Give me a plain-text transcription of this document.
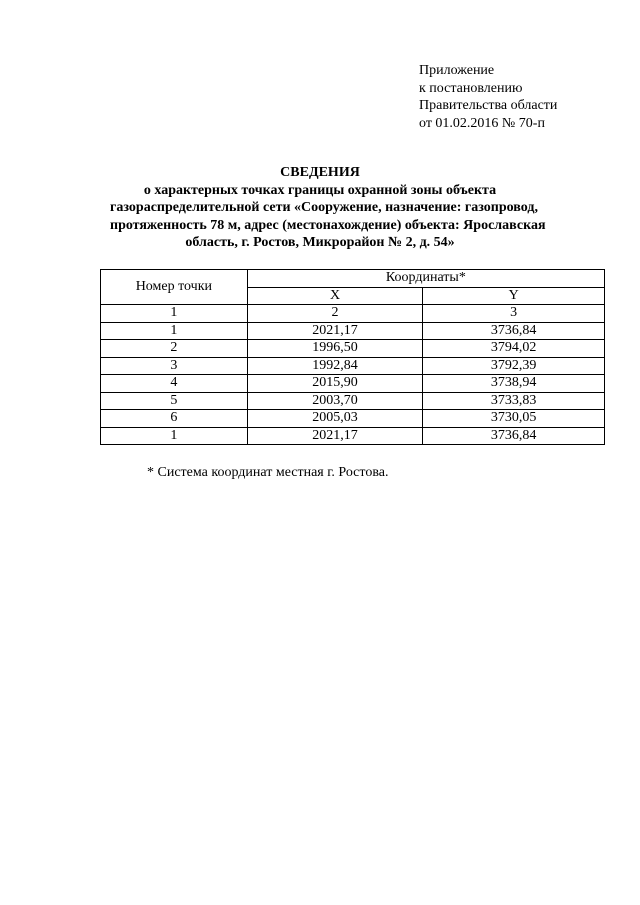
Приложение
к постановлению
Правительства области
от 01.02.2016 № 70-п
СВЕДЕНИЯ
о характерных точках границы охранной зоны объекта
газораспределительной сети «Сооружение, назначение: газопровод,
протяженность 78 м, адрес (местонахождение) объекта: Ярославская
область, г. Ростов, Микрорайон № 2, д. 54»
Номер точки	Координаты*	
	X	Y
1	2	3
1	2021,17	3736,84
2	1996,50	3794,02
3	1992,84	3792,39
4	2015,90	3738,94
5	2003,70	3733,83
6	2005,03	3730,05
1	2021,17	3736,84
* Система координат местная г. Ростова.
